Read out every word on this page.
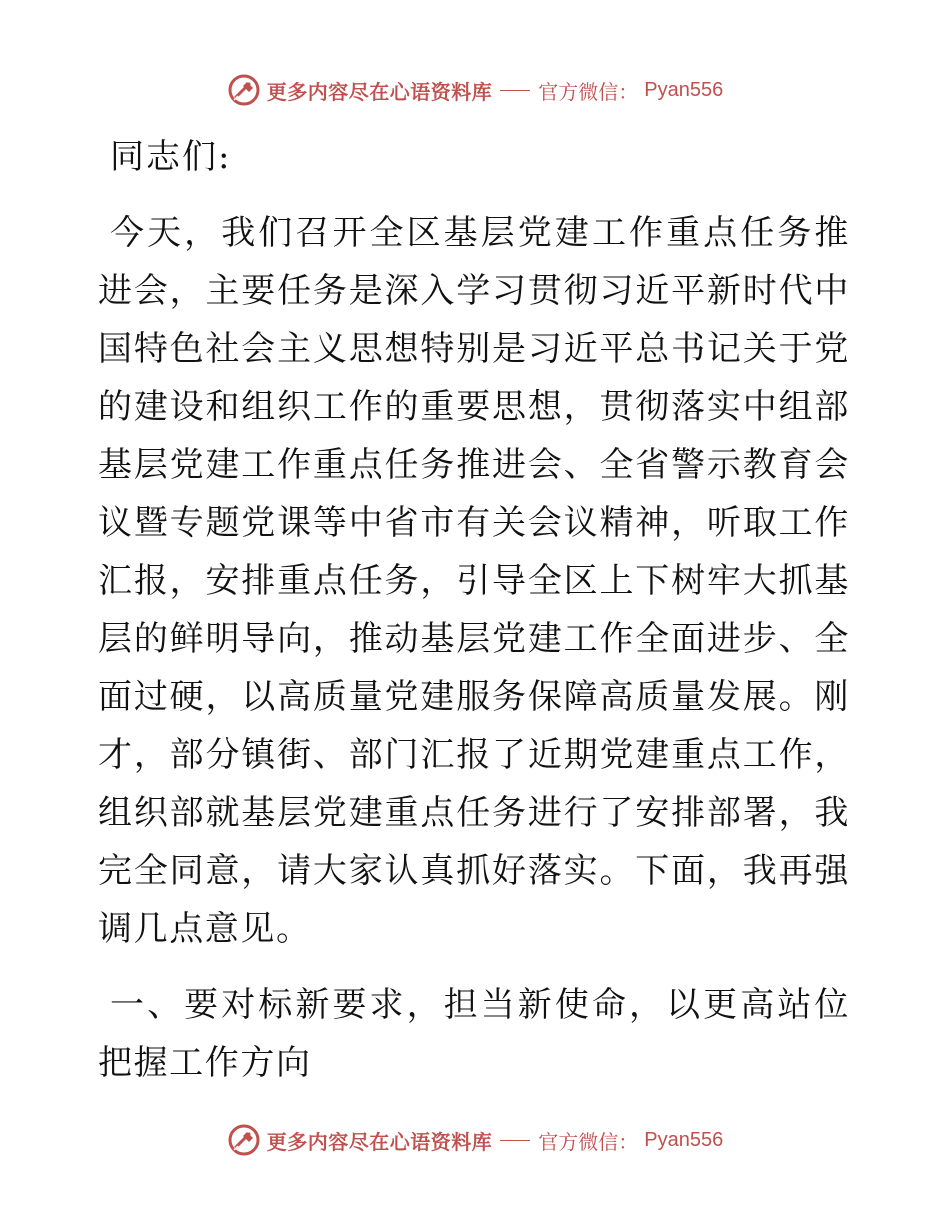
更多内容尽在心语资料库 官方微信： Pyan556
同志们:

今天，我们召开全区基层党建工作重点任务推进会，主要任务是深入学习贯彻习近平新时代中国特色社会主义思想特别是习近平总书记关于党的建设和组织工作的重要思想，贯彻落实中组部基层党建工作重点任务推进会、全省警示教育会议暨专题党课等中省市有关会议精神，听取工作汇报，安排重点任务，引导全区上下树牢大抓基层的鲜明导向，推动基层党建工作全面进步、全面过硬，以高质量党建服务保障高质量发展。刚才，部分镇街、部门汇报了近期党建重点工作，组织部就基层党建重点任务进行了安排部署，我完全同意，请大家认真抓好落实。下面，我再强调几点意见。

一、要对标新要求，担当新使命，以更高站位把握工作方向

更多内容尽在心语资料库 官方微信： Pyan556
